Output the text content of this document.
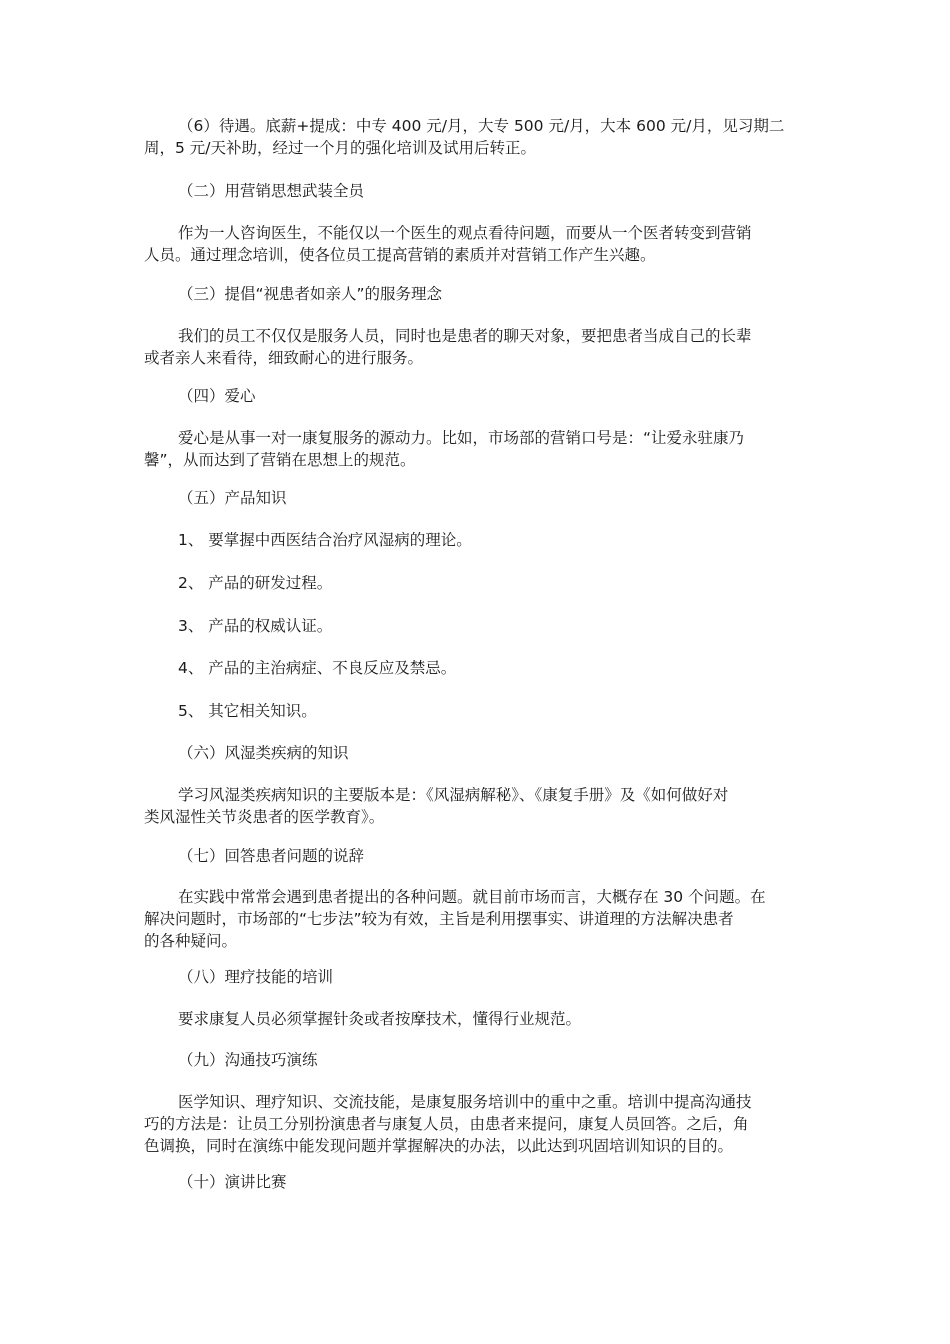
（6）待遇。底薪+提成：中专 400 元/月，大专 500 元/月，大本 600 元/月，见习期二
周，5 元/天补助，经过一个月的强化培训及试用后转正。

（二）用营销思想武装全员

作为一人咨询医生，不能仅以一个医生的观点看待问题，而要从一个医者转变到营销
人员。通过理念培训，使各位员工提高营销的素质并对营销工作产生兴趣。

（三）提倡“视患者如亲人”的服务理念

我们的员工不仅仅是服务人员，同时也是患者的聊天对象，要把患者当成自己的长辈
或者亲人来看待，细致耐心的进行服务。

（四）爱心

爱心是从事一对一康复服务的源动力。比如，市场部的营销口号是：“让爱永驻康乃
馨”，从而达到了营销在思想上的规范。

（五）产品知识

1、 要掌握中西医结合治疗风湿病的理论。

2、 产品的研发过程。

3、 产品的权威认证。

4、 产品的主治病症、不良反应及禁忌。

5、 其它相关知识。

（六）风湿类疾病的知识

学习风湿类疾病知识的主要版本是：《风湿病解秘》、《康复手册》及《如何做好对
类风湿性关节炎患者的医学教育》。

（七）回答患者问题的说辞

在实践中常常会遇到患者提出的各种问题。就目前市场而言，大概存在 30 个问题。在
解决问题时，市场部的“七步法”较为有效，主旨是利用摆事实、讲道理的方法解决患者
的各种疑问。

（八）理疗技能的培训

要求康复人员必须掌握针灸或者按摩技术，懂得行业规范。

（九）沟通技巧演练

医学知识、理疗知识、交流技能，是康复服务培训中的重中之重。培训中提高沟通技
巧的方法是：让员工分别扮演患者与康复人员，由患者来提问，康复人员回答。之后，角
色调换，同时在演练中能发现问题并掌握解决的办法，以此达到巩固培训知识的目的。

（十）演讲比赛
